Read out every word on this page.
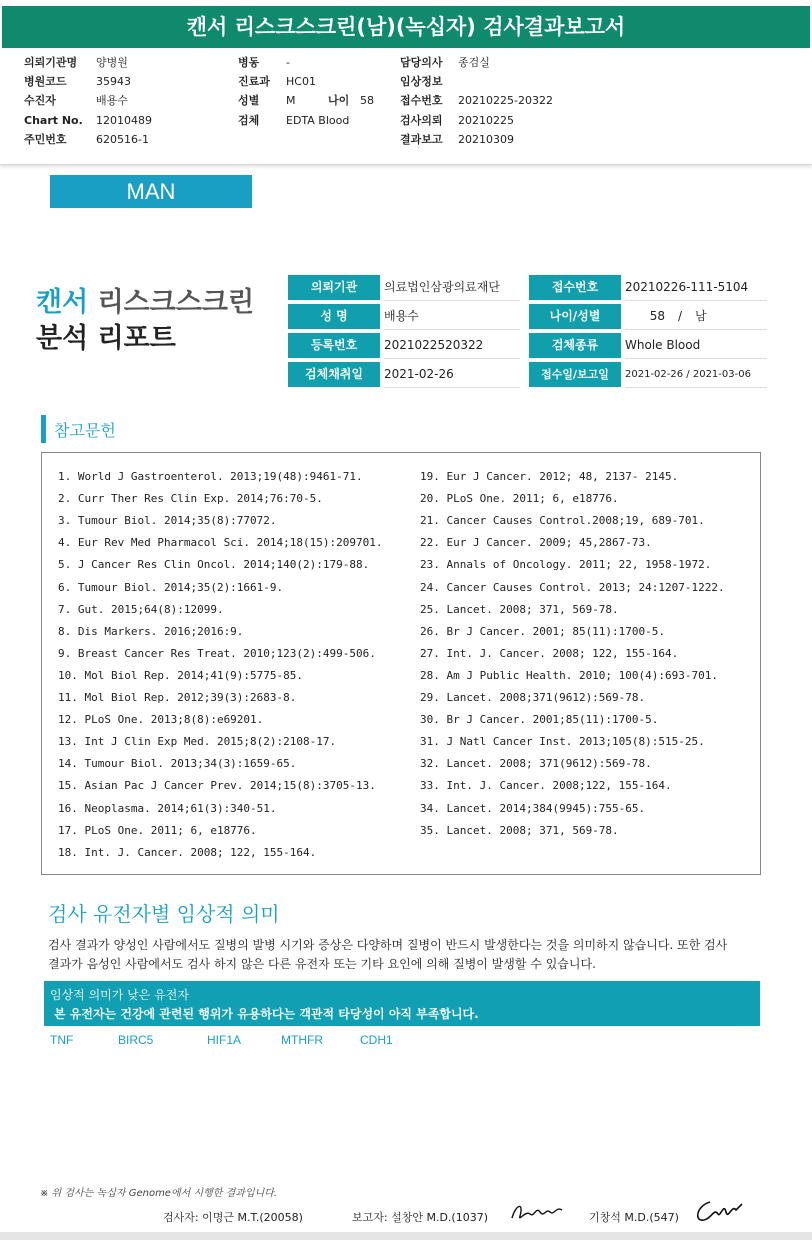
캔서 리스크스크린(남)(녹십자) 검사결과보고서
의뢰기관명 양병원
병원코드	35943
수진자	배용수
Chart No. 12010489
주민번호	620516-1
병동 -
진료과 HC01
성별 M	나이 58
검체 EDTA Blood
담당의사 종검실
임상정보
접수번호 20210225-20322
검사의뢰 20210225
결과보고 20210309
MAN
캔서 리스크스크린
분석 리포트
의뢰기관	의료법인삼광의료재단
성 명	배용수
등록번호	2021022520322
검체채취일	2021-02-26
접수번호	20210226-111-5104
나이/성별	58 / 남
검체종류	Whole Blood
접수일/보고일	2021-02-26 / 2021-03-06
참고문헌
1. World J Gastroenterol. 2013;19(48):9461-71.
2. Curr Ther Res Clin Exp. 2014;76:70-5.
3. Tumour Biol. 2014;35(8):77072.
4. Eur Rev Med Pharmacol Sci. 2014;18(15):209701.
5. J Cancer Res Clin Oncol. 2014;140(2):179-88.
6. Tumour Biol. 2014;35(2):1661-9.
7. Gut. 2015;64(8):12099.
8. Dis Markers. 2016;2016:9.
9. Breast Cancer Res Treat. 2010;123(2):499-506.
10. Mol Biol Rep. 2014;41(9):5775-85.
11. Mol Biol Rep. 2012;39(3):2683-8.
12. PLoS One. 2013;8(8):e69201.
13. Int J Clin Exp Med. 2015;8(2):2108-17.
14. Tumour Biol. 2013;34(3):1659-65.
15. Asian Pac J Cancer Prev. 2014;15(8):3705-13.
16. Neoplasma. 2014;61(3):340-51.
17. PLoS One. 2011; 6, e18776.
18. Int. J. Cancer. 2008; 122, 155-164.
19. Eur J Cancer. 2012; 48, 2137- 2145.
20. PLoS One. 2011; 6, e18776.
21. Cancer Causes Control.2008;19, 689-701.
22. Eur J Cancer. 2009; 45,2867-73.
23. Annals of Oncology. 2011; 22, 1958-1972.
24. Cancer Causes Control. 2013; 24:1207-1222.
25. Lancet. 2008; 371, 569-78.
26. Br J Cancer. 2001; 85(11):1700-5.
27. Int. J. Cancer. 2008; 122, 155-164.
28. Am J Public Health. 2010; 100(4):693-701.
29. Lancet. 2008;371(9612):569-78.
30. Br J Cancer. 2001;85(11):1700-5.
31. J Natl Cancer Inst. 2013;105(8):515-25.
32. Lancet. 2008; 371(9612):569-78.
33. Int. J. Cancer. 2008;122, 155-164.
34. Lancet. 2014;384(9945):755-65.
35. Lancet. 2008; 371, 569-78.
검사 유전자별 임상적 의미
검사 결과가 양성인 사람에서도 질병의 발병 시기와 증상은 다양하며 질병이 반드시 발생한다는 것을 의미하지 않습니다. 또한 검사
결과가 음성인 사람에서도 검사 하지 않은 다른 유전자 또는 기타 요인에 의해 질병이 발생할 수 있습니다.
임상적 의미가 낮은 유전자
본 유전자는 건강에 관련된 행위가 유용하다는 객관적 타당성이 아직 부족합니다.
TNF	BIRC5	HIF1A	MTHFR	CDH1
※ 위 검사는 녹십자 Genome에서 시행한 결과입니다.
검사자: 이명근 M.T.(20058)	보고자: 설창안 M.D.(1037)	기창석 M.D.(547)
